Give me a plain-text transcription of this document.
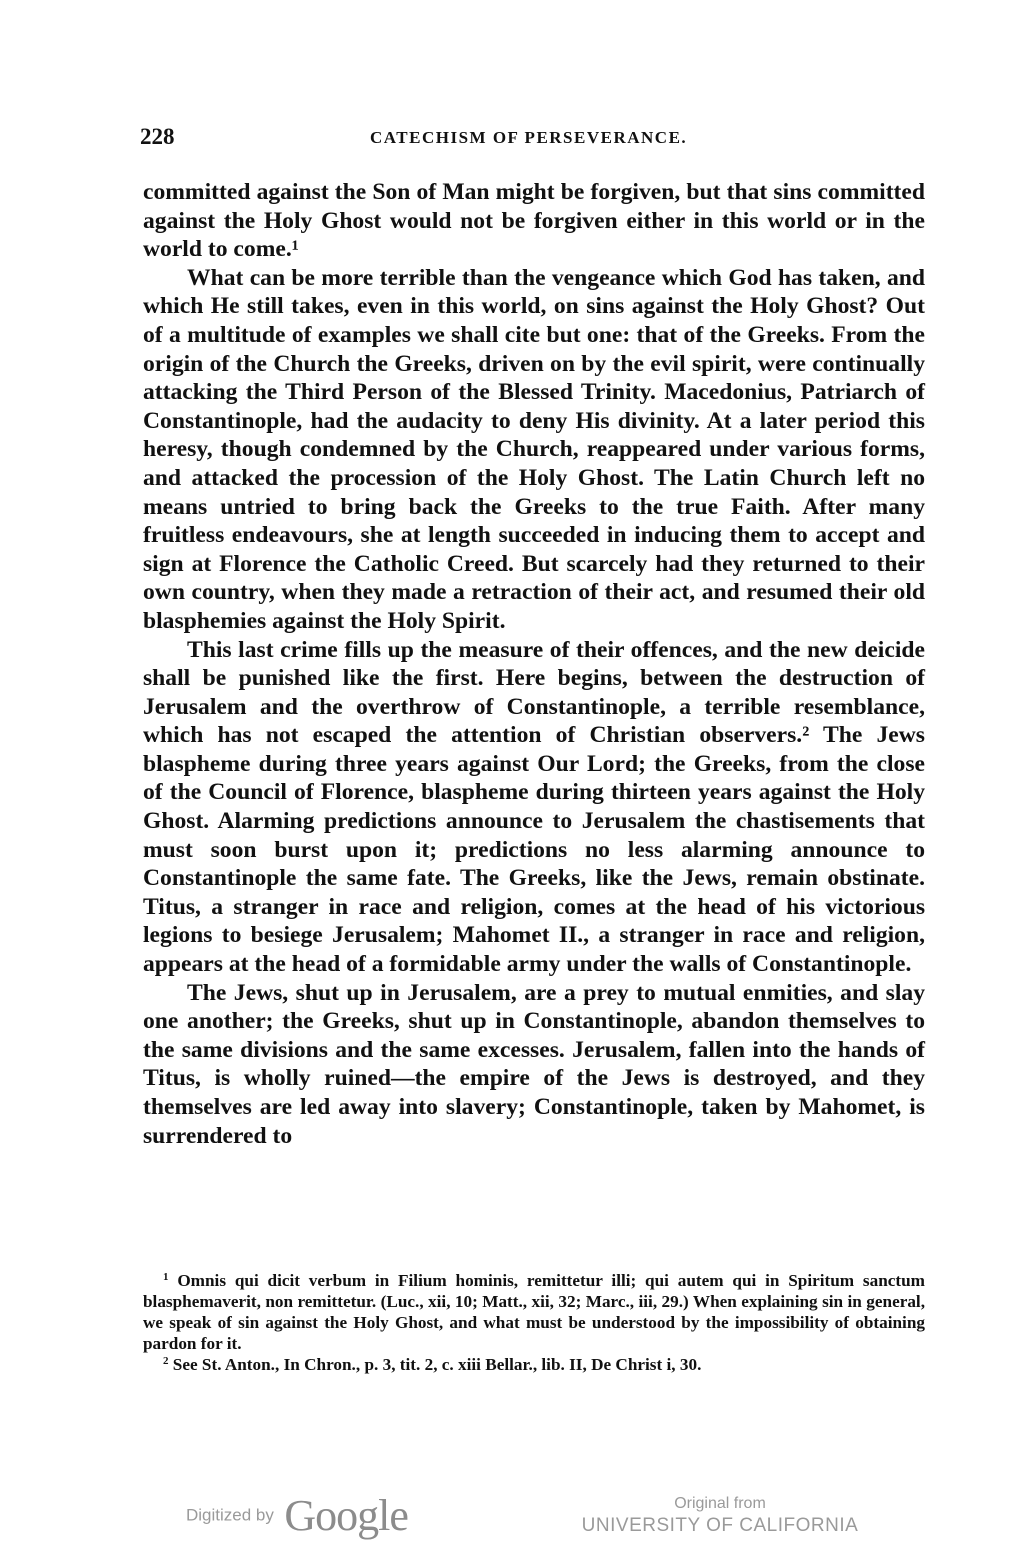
228	CATECHISM OF PERSEVERANCE.

committed against the Son of Man might be forgiven, but that sins committed against the Holy Ghost would not be forgiven either in this world or in the world to come.¹

What can be more terrible than the vengeance which God has taken, and which He still takes, even in this world, on sins against the Holy Ghost? Out of a multitude of examples we shall cite but one: that of the Greeks. From the origin of the Church the Greeks, driven on by the evil spirit, were continually attacking the Third Person of the Blessed Trinity. Macedonius, Patriarch of Constantinople, had the audacity to deny His divinity. At a later period this heresy, though condemned by the Church, reappeared under various forms, and attacked the procession of the Holy Ghost. The Latin Church left no means untried to bring back the Greeks to the true Faith. After many fruitless endeavours, she at length succeeded in inducing them to accept and sign at Florence the Catholic Creed. But scarcely had they returned to their own country, when they made a retraction of their act, and resumed their old blasphemies against the Holy Spirit.

This last crime fills up the measure of their offences, and the new deicide shall be punished like the first. Here begins, between the destruction of Jerusalem and the overthrow of Constantinople, a terrible resemblance, which has not escaped the attention of Christian observers.² The Jews blaspheme during three years against Our Lord; the Greeks, from the close of the Council of Florence, blaspheme during thirteen years against the Holy Ghost. Alarming predictions announce to Jerusalem the chastisements that must soon burst upon it; predictions no less alarming announce to Constantinople the same fate. The Greeks, like the Jews, remain obstinate. Titus, a stranger in race and religion, comes at the head of his victorious legions to besiege Jerusalem; Mahomet II., a stranger in race and religion, appears at the head of a formidable army under the walls of Constantinople.

The Jews, shut up in Jerusalem, are a prey to mutual enmities, and slay one another; the Greeks, shut up in Constantinople, abandon themselves to the same divisions and the same excesses. Jerusalem, fallen into the hands of Titus, is wholly ruined—the empire of the Jews is destroyed, and they themselves are led away into slavery; Constantinople, taken by Mahomet, is surrendered to

$^1$ Omnis qui dicit verbum in Filium hominis, remittetur illi; qui autem qui in Spiritum sanctum blasphemaverit, non remittetur. (Luc., xii, 10; Matt., xii, 32; Marc., iii, 29.) When explaining sin in general, we speak of sin against the Holy Ghost, and what must be understood by the impossibility of obtaining pardon for it.

$^2$ See St. Anton., In Chron., p. 3, tit. 2, c. xiii Bellar., lib. II, De Christ i, 30.

Digitized by Google	Original from
UNIVERSITY OF CALIFORNIA
